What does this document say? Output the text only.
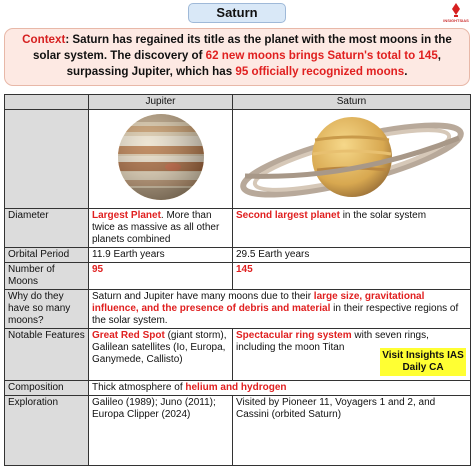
Saturn
INSIGHTSIAS
Context: Saturn has regained its title as the planet with the most moons in the solar system. The discovery of 62 new moons brings Saturn's total to 145, surpassing Jupiter, which has 95 officially recognized moons.
	Jupiter	Saturn

Diameter	Largest Planet. More than twice as massive as all other planets combined	Second largest planet in the solar system
Orbital Period	11.9 Earth years	29.5 Earth years
Number of Moons	95	145
Why do they have so many moons?	Saturn and Jupiter have many moons due to their large size, gravitational influence, and the presence of debris and material in their respective regions of the solar system.	
Notable Features	Great Red Spot (giant storm), Galilean satellites (Io, Europa, Ganymede, Callisto)	Spectacular ring system with seven rings, including the moon Titan
Visit Insights IAS Daily CA

Composition	Thick atmosphere of helium and hydrogen	
Exploration	Galileo (1989); Juno (2011); Europa Clipper (2024)	Visited by Pioneer 11, Voyagers 1 and 2, and Cassini (orbited Saturn)
